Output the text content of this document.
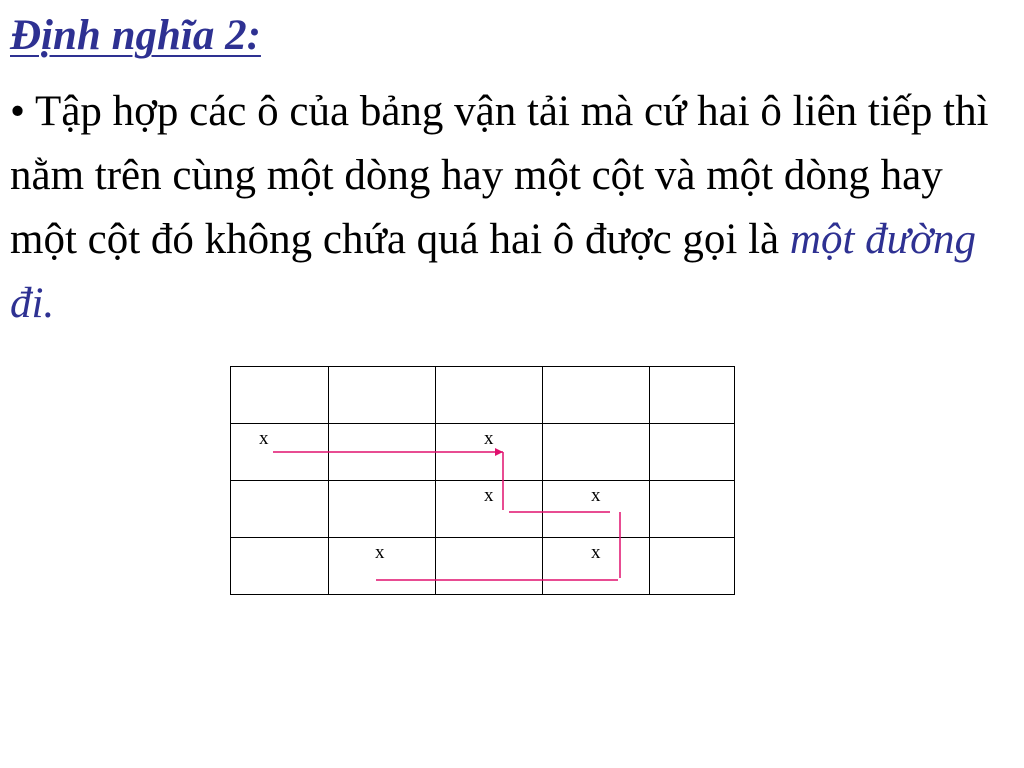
Định nghĩa 2:
• Tập hợp các ô của bảng vận tải mà cứ hai ô liên tiếp thì nằm trên cùng một dòng hay một cột và một dòng hay một cột đó không chứa quá hai ô được gọi là một đường đi.

x		x		

		x	x	

	x		x	
